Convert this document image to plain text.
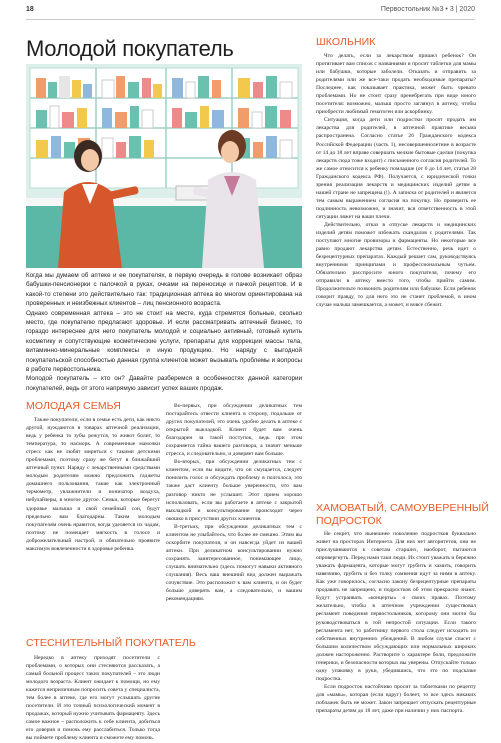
18	Первостольник №3 • 3 | 2020
Молодой покупатель

Когда мы думаем об аптеке и ее покупателях, в первую очередь в голове возникает образ бабушки-пенсионерки с палочкой в руках, очками на переносице и пачкой рецептов. И в какой-то степени это действительно так: традиционная аптека во многом ориентирована на проверенных и неизбежных клиентов – лиц пенсионного возраста.

Однако современная аптека – это не стоит на месте, куда стремятся больные, сколько место, где покупателю предлагают здоровье. И если рассматривать аптечный бизнес, то гораздо интереснее для него покупатель молодой и социально активный, готовый купить косметику и сопутствующие косметические услуги, препараты для коррекции массы тела, витаминно-минеральные комплексы и иную продукцию. Но наряду с выгодной покупательской способностью данная группа клиентов может вызывать проблемы и вопросы в работе первостольника.

Молодой покупатель – кто он? Давайте разберемся в особенностях данной категории покупателей, ведь от этого напрямую зависит успех ваших продаж.

МОЛОДАЯ СЕМЬЯ

Также покупатели, если в семье есть дети, как никто другой, нуждаются в товарах аптечной реализации, ведь у ребенка то зубы режутся, то живот болит, то температура, то насморк. А современные мамочки стресс как не любят мириться с такими детскими проблемами, поэтому сразу же бегут в ближайший аптечный пункт. Наряду с лекарственными средствами молодым родителям можно предложить гаджеты домашнего пользования, такие как электронный термометр, увлажнители и ионизатор воздуха, небулайзеры, в многое другое. Семьи, которые берегут здоровье малыша и свой семейный сон, будут предельно вам благодарны. Таким молодым покупателям очень нравится, когда уделяется их чадам, поэтому не помещает мягкость в голосе и доброжелательный настрой, и обязательно проявите максимум вовлеченности в здоровье ребенка.

СТЕСНИТЕЛЬНЫЙ ПОКУПАТЕЛЬ

Нередко в аптеку приходят посетители с проблемами, о которых они стесняются рассказать, а самый больной процесс таких покупателей – это люди молодого возраста. Клиент ожидает к помощи, но ему кажется неприличным попросить совета у специалиста, тем более в аптеке, где его могут услышать другие посетители. И это точный психологический момент в продажах, который нужно учитывать фармацевту. Здесь самое важное – расположить к себе клиента, добиться его доверия и помочь ему расслабиться. Только тогда вы поймете проблему клиента и сможете ему помочь.

Во-первых, при обсуждении деликатных тем постарайтесь отвести клиента в сторону, подальше от других покупателей, это очень удобно делать в аптеке с открытой выкладкой. Клиент будет вам очень благодарен за такой поступок, ведь при этом сохраняется тайна вашего разговора, а значит меньше стресса, и следовательно, и доверяет вам больше.

Во-вторых, при обсуждении деликатных тем с клиентом, если вы видите, что он смущается, следует понизить голос и обсуждать проблему в полголоса, это также даст клиенту больше уверенности, что вам разговор никто не услышит. Этот прием хорошо использовать, если вы работаете в аптеке с закрытой выкладкой и консультирование происходит через окошко в присутствии других клиентов.

В-третьих, при обсуждении деликатных тем с клиентом не улыбайтесь, что более не смешно. Этим вы оскорбите покупателя, и он навсегда уйдет из вашей аптеки. При деликатном консультировании нужно сохранять заинтересованное, понимающее лицо, слушать внимательно (здесь помогут навыки активного слушания). Весь ваш внешний вид должен выражать сочувствие. Это расположит к вам клиента, и он будет больше доверять вам, а следовательно, и вашим рекомендациям.

ШКОЛЬНИК

Что делать, если за лекарством пришел ребенок? Он протягивает вам список с названиями и просит таблетки для мамы или бабушки, которые заболели. Отказать и отправить за родителями или же все-таки продать необходимые препараты? Последнее, как показывает практика, может быть чревато проблемами. Но не стоит сразу пренебрегать при виде юного посетителя: возможно, малыш просто заглянул в аптеку, чтобы приобрести любимый гематоген или аскорбинку.

Ситуация, когда дети или подростки просят продать им лекарства для родителей, в аптечной практике весьма распространена. Согласно статье 26 Гражданского кодекса Российской Федерации (часть 1), несовершеннолетние в возрасте от 14 до 18 лет вправе совершать мелкие бытовые сделки (покупка лекарств сюда тоже входит) с письменного согласия родителей. То же самое относится к ребенку помладше (от 6 до 14 лет, статья 28 Гражданского кодекса РФ). Получается, с юридической точки зрения реализация лекарств и медицинских изделий детям в нашей стране не запрещена (!). А записка от родителей и является тем самым выражением согласия на покупку. Но проверить ее подлинность невозможно, и значит, вся ответственность в этой ситуации ляжет на ваши плечи.

Действительно, отказ в отпуске лекарств и медицинских изделий детям поможет избежать скандалов с родителями. Так поступают многие провизоры и фармацевты. Но некоторые все равно продают лекарства детям. Естественно, речь идет о безрецептурных препаратах. Каждый решает сам, руководствуясь внутренними принципами и профессиональным чутьем. Обязательно расспросите юного покупателя, почему его отправили в аптеку вместо того, чтобы прийти самим. Продолжительте позвонить родителям или бабушке. Если ребенок говорит правду, то для него это не станет проблемой, в ином случае малыш замешкается, а может, и вовсе сбежит.

ХАМОВАТЫЙ, САМОУВЕРЕННЫЙ ПОДРОСТОК

Не секрет, что нынешнее поколение подростков буквально живет на просторах Интернета. Для них нет авторитетов, они не прислушиваются к советам старших, наоборот, пытаются опровергнуть. Перед нами таки люди. Их стоит уважать и бережно уважать фармацевта, которые могут грубить и хамить, говорить навязчиво, грубить и без толку сомнения идут за ними в аптеку. Как уже говорилось, согласно закону безрецептурные препараты продавать не запрещено, и подростков об этом прекрасно знают. Будут устраивать «концерты» о своих правах. Поэтому желательно, чтобы в аптечном учреждении существовал регламент поведения первостольников, которому они могли бы руководствоваться в той непростой ситуации. Если такого регламента нет, то работнику первого стола следует исходить из собственных внутренних убеждений. В любом случае спасет с большим количеством обсуждающих или нормальных широких должен настороженно. Растворите о характере боли, предложите генерики, и безопасности которых вы уверены. Отпускайте только одну упаковку в руки, убедившись, что это по подсказке подростка.

Если подросток настойчиво просит за таблетками по рецепту для «мамы», которая (если вдруг) болеет, то все здесь никаких поблажек быть не может. Закон запрещает отпускать рецептурные препараты детям до 18 лет, даже при наличии у них паспорта.
